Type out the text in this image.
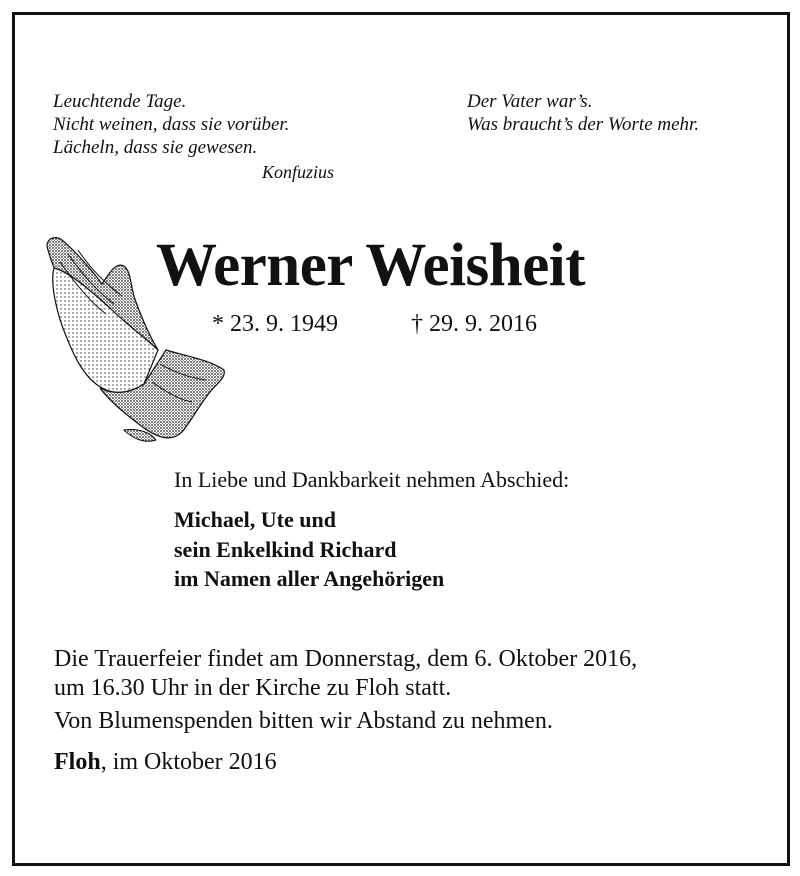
Leuchtende Tage.
Nicht weinen, dass sie vorüber.
Lächeln, dass sie gewesen.
Konfuzius
Der Vater war’s.
Was braucht’s der Worte mehr.
Werner Weisheit
* 23. 9. 1949	† 29. 9. 2016
In Liebe und Dankbarkeit nehmen Abschied:
Michael, Ute und
sein Enkelkind Richard
im Namen aller Angehörigen
Die Trauerfeier findet am Donnerstag, dem 6. Oktober 2016,
um 16.30 Uhr in der Kirche zu Floh statt.
Von Blumenspenden bitten wir Abstand zu nehmen.
Floh, im Oktober 2016
